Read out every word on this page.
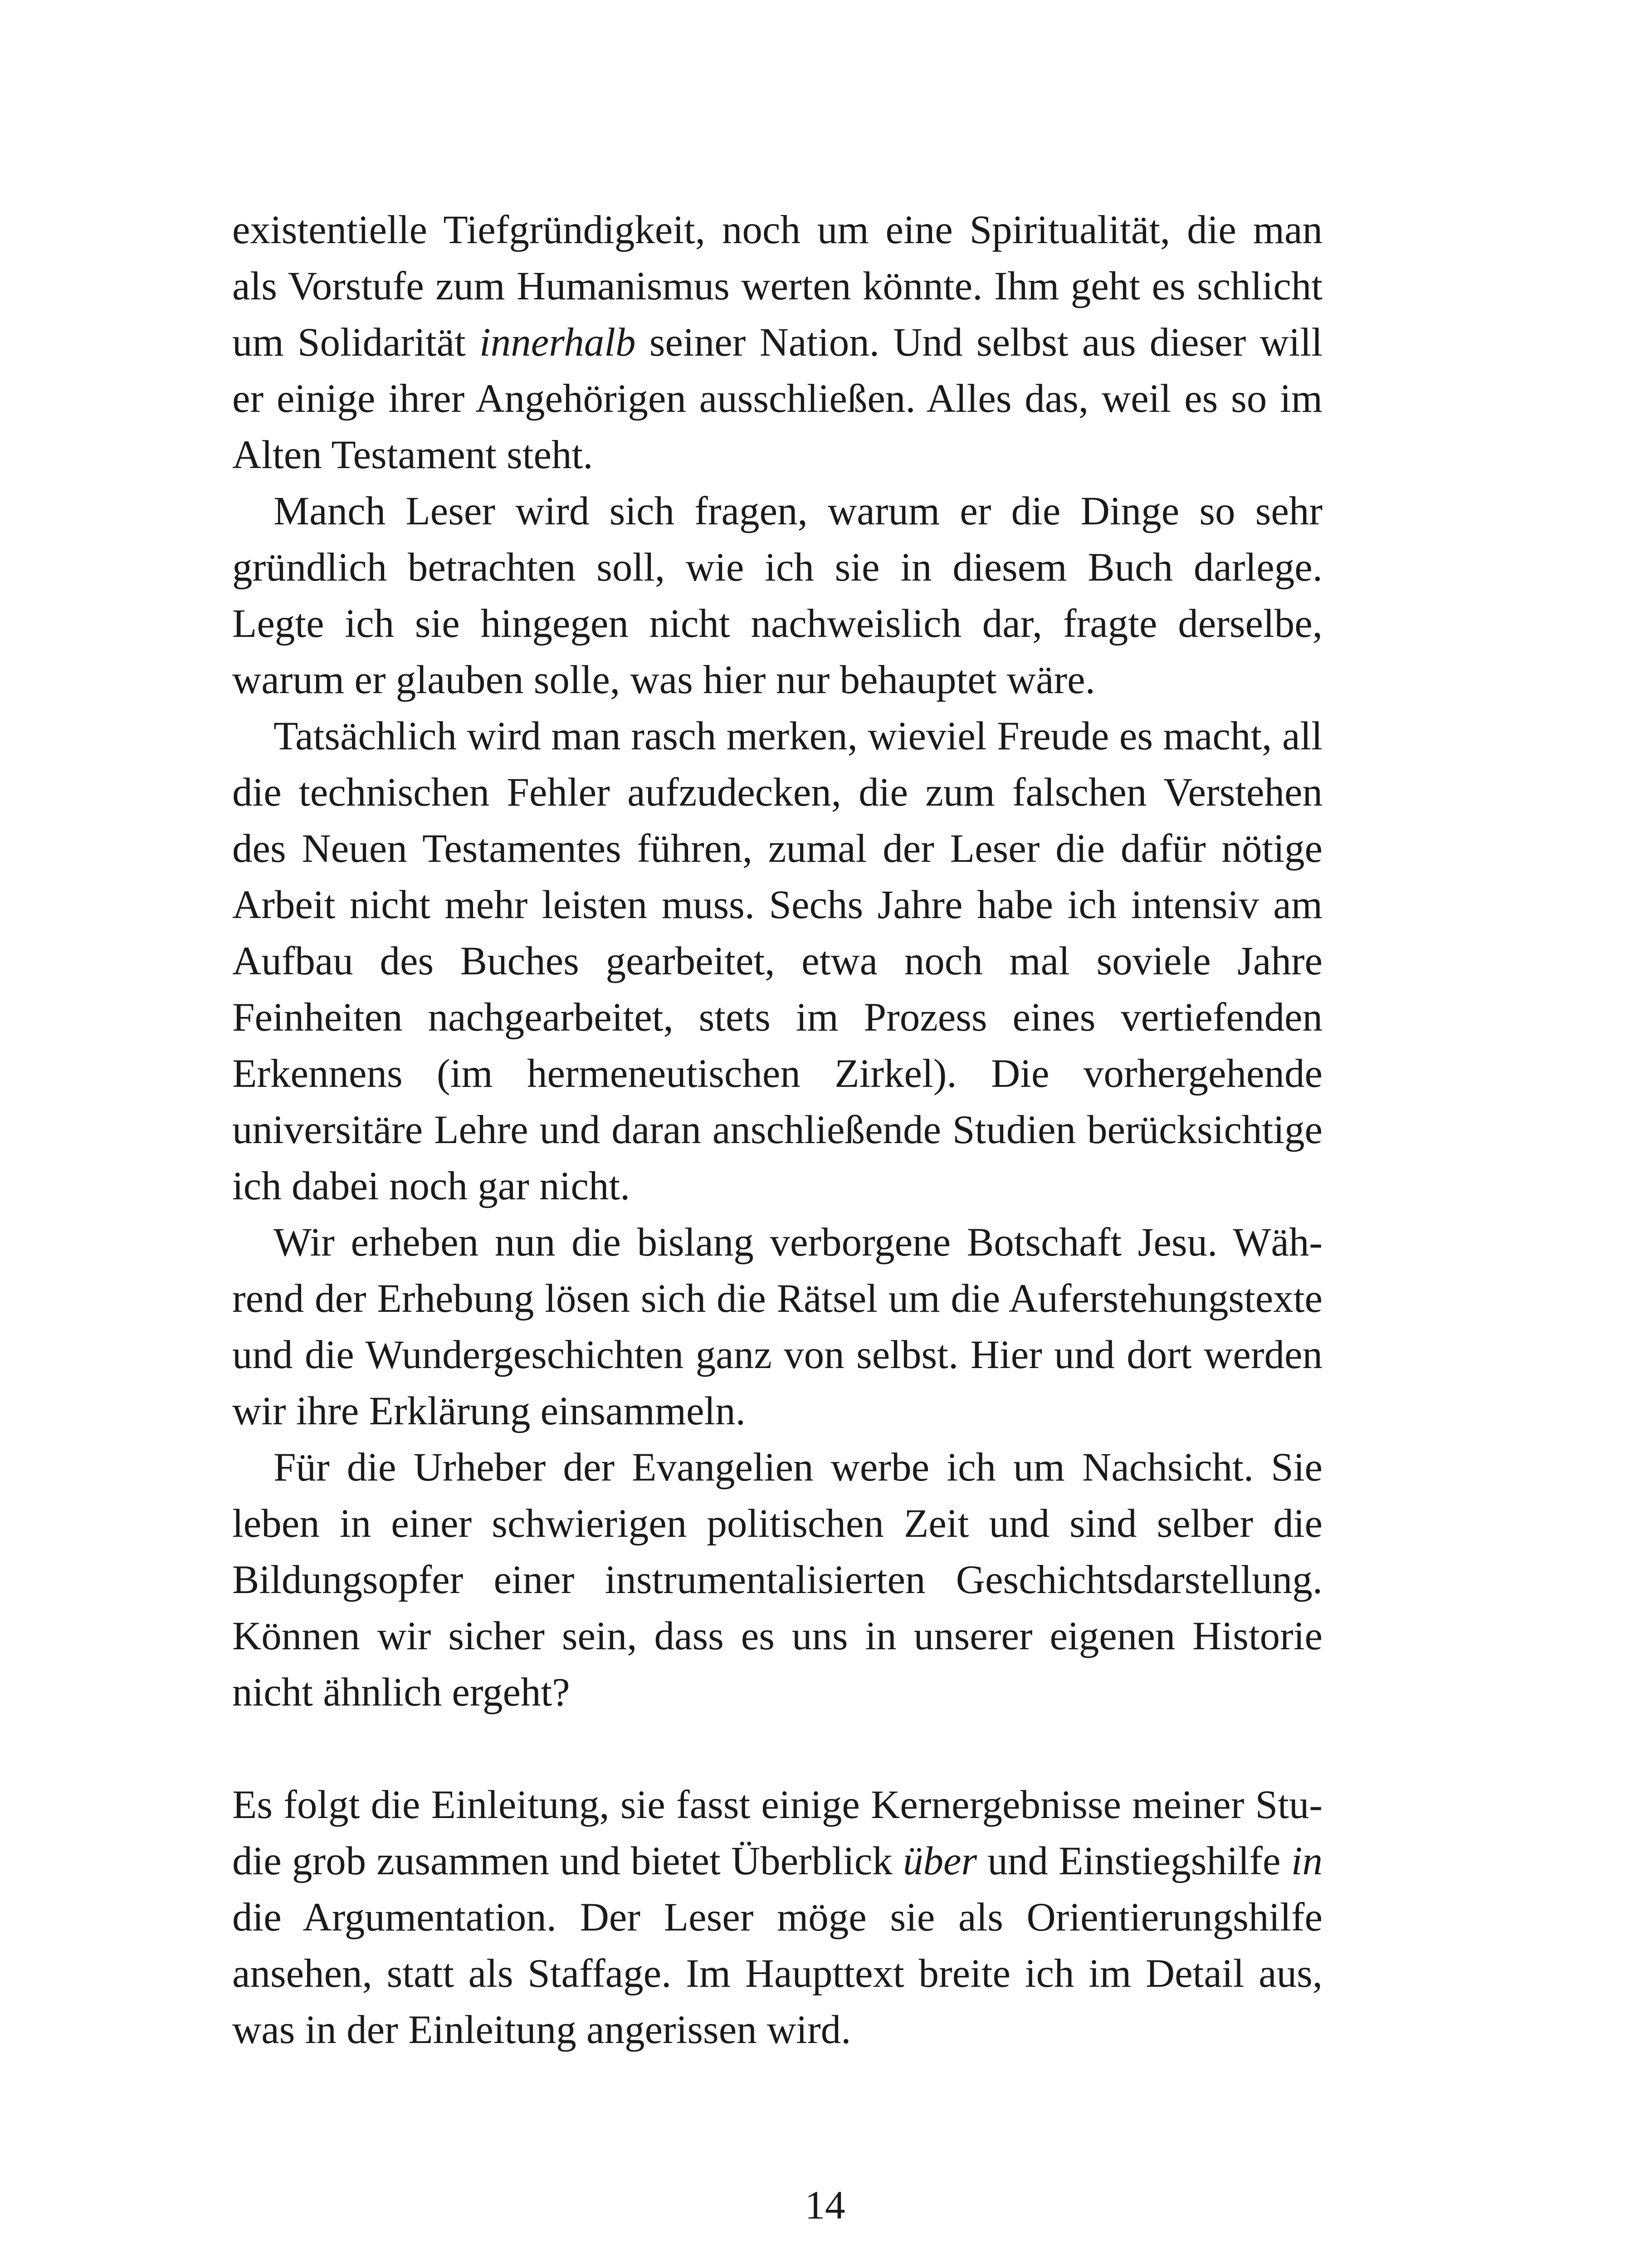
existentielle Tiefgründigkeit, noch um eine Spiritualität, die man als Vorstufe zum Humanismus werten könnte. Ihm geht es schlicht um Solidarität innerhalb seiner Nation. Und selbst aus dieser will er einige ihrer Angehörigen ausschließen. Alles das, weil es so im Alten Testament steht.

Manch Leser wird sich fragen, warum er die Dinge so sehr gründlich betrachten soll, wie ich sie in diesem Buch darlege. Legte ich sie hingegen nicht nachweislich dar, fragte derselbe, warum er glauben solle, was hier nur behauptet wäre.

Tatsächlich wird man rasch merken, wieviel Freude es macht, all die technischen Fehler aufzudecken, die zum falschen Verstehen des Neuen Testamentes führen, zumal der Leser die dafür nötige Arbeit nicht mehr leisten muss. Sechs Jahre habe ich intensiv am Aufbau des Buches gearbeitet, etwa noch mal soviele Jahre Feinheiten nachgearbeitet, stets im Prozess eines vertiefenden Erkennens (im hermeneutischen Zirkel). Die vorhergehende universitäre Lehre und daran anschließende Studien berücksichtige ich dabei noch gar nicht.

Wir erheben nun die bislang verborgene Botschaft Jesu. Während der Erhebung lösen sich die Rätsel um die Auferstehungstexte und die Wundergeschichten ganz von selbst. Hier und dort werden wir ihre Erklärung einsammeln.

Für die Urheber der Evangelien werbe ich um Nachsicht. Sie leben in einer schwierigen politischen Zeit und sind selber die Bildungsopfer einer instrumentalisierten Geschichtsdarstellung. Können wir sicher sein, dass es uns in unserer eigenen Historie nicht ähnlich ergeht?

Es folgt die Einleitung, sie fasst einige Kernergebnisse meiner Studie grob zusammen und bietet Überblick über und Einstiegshilfe in die Argumentation. Der Leser möge sie als Orientierungshilfe ansehen, statt als Staffage. Im Haupttext breite ich im Detail aus, was in der Einleitung angerissen wird.

14
